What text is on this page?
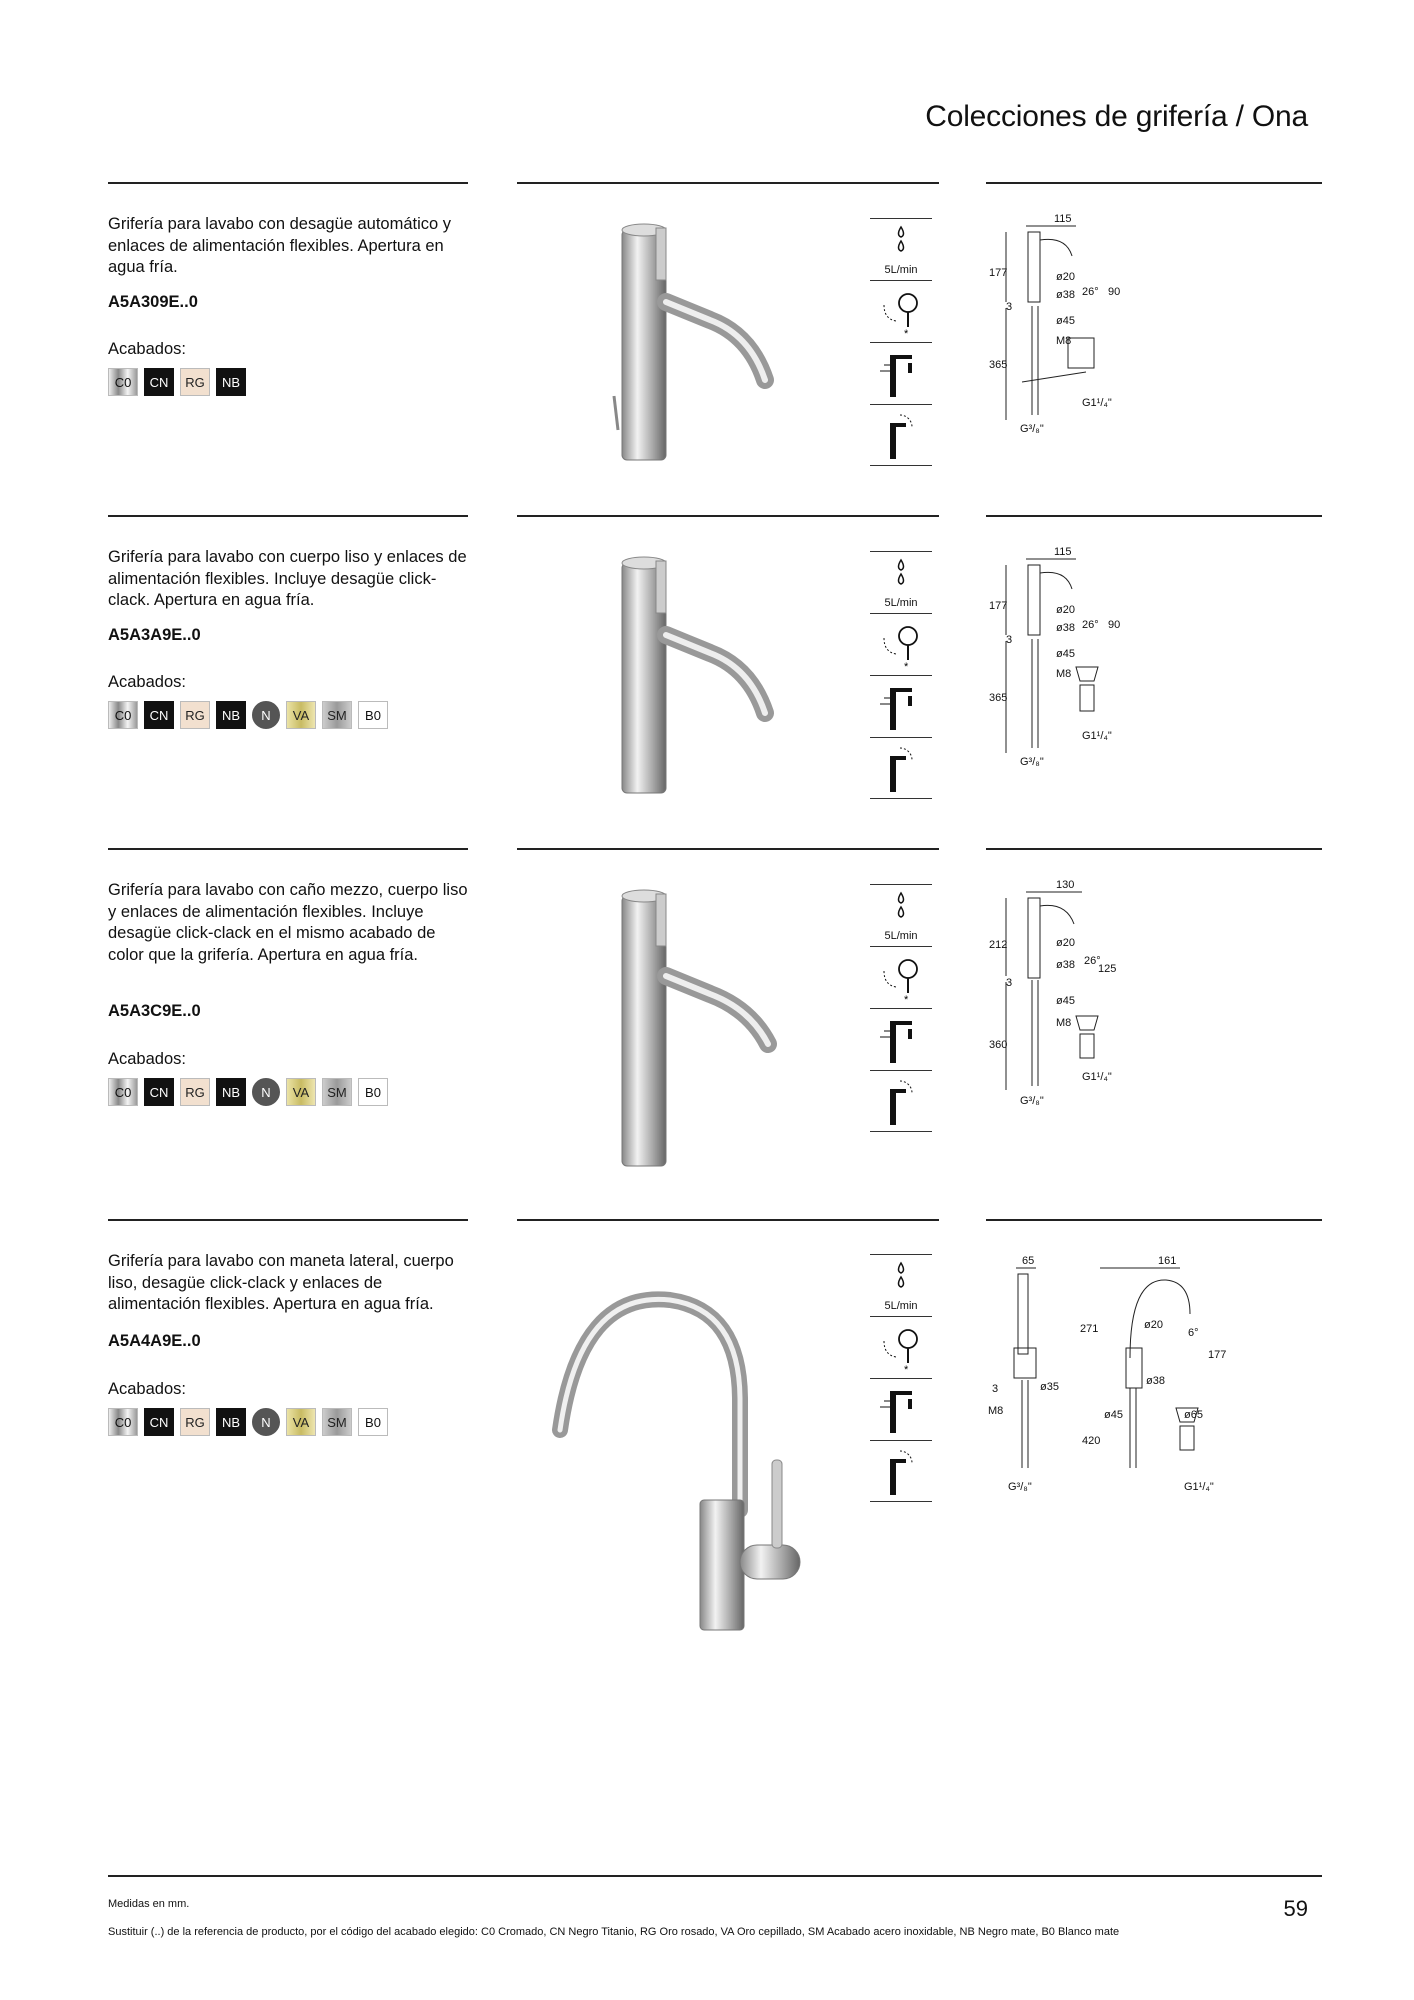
Colecciones de grifería / Ona
Grifería para lavabo con desagüe automático y enlaces de alimentación flexibles. Apertura en agua fría.
A5A309E..0
Acabados:
C0	CN	RG	NB
5L/min
*
115
177	ø20
ø38 26° 90
ø45
M8
365
3
G³/₈"
G1¹/₄"
Grifería para lavabo con cuerpo liso y enlaces de alimentación flexibles. Incluye desagüe click-clack. Apertura en agua fría.
A5A3A9E..0
Acabados:
C0	CN	RG	NB	N	VA	SM	B0
5L/min
*
115
177	ø20
ø38 26° 90
ø45
M8
365
3
G³/₈"
G1¹/₄"
Grifería para lavabo con caño mezzo, cuerpo liso y enlaces de alimentación flexibles. Incluye desagüe click-clack en el mismo acabado de color que la grifería. Apertura en agua fría.
A5A3C9E..0
Acabados:
C0	CN	RG	NB	N	VA	SM	B0
5L/min
*
130
212	ø20
ø38 26°
125
ø45
M8
360
3
G³/₈"
G1¹/₄"
Grifería para lavabo con maneta lateral, cuerpo liso, desagüe click-clack y enlaces de alimentación flexibles. Apertura en agua fría.
A5A4A9E..0
Acabados:
C0	CN	RG	NB	N	VA	SM	B0
5L/min
*
65	161
271	ø20
6°
177
ø35	ø38
ø45	ø65
M8
420
3
G³/₈"	G1¹/₄"
Medidas en mm.
Sustituir (..) de la referencia de producto, por el código del acabado elegido: C0 Cromado, CN Negro Titanio, RG Oro rosado, VA Oro cepillado, SM Acabado acero inoxidable, NB Negro mate, B0 Blanco mate
59
